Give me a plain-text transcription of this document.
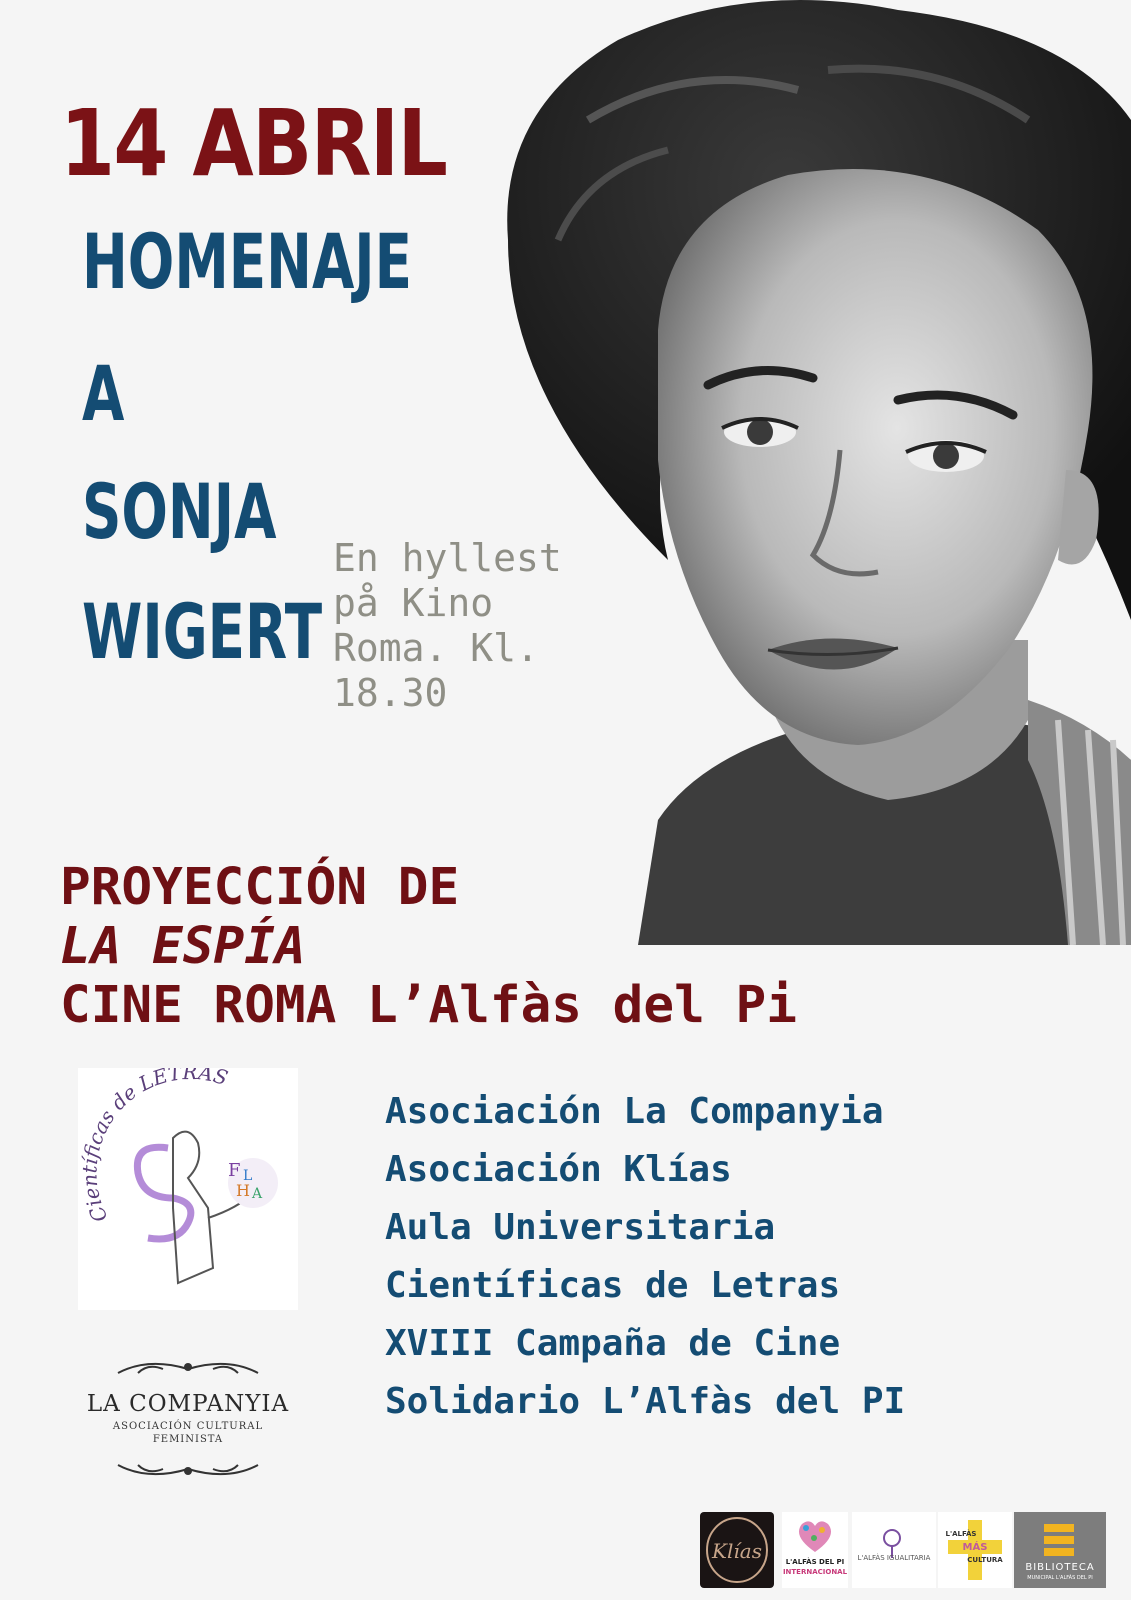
14 ABRIL
HOMENAJE
A
SONJA
WIGERT
En hyllest
på Kino
Roma. Kl.
18.30
PROYECCIÓN DE
LA ESPÍA
CINE ROMA L’Alfàs del Pi
Científicas de LETRAS
F L
H A
LA COMPANYIA
ASOCIACIÓN CULTURAL
FEMINISTA
Asociación La Companyia
Asociación Klías
Aula Universitaria
Científicas de Letras
XVIII Campaña de Cine
Solidario L’Alfàs del PI
Klías	L'ALFÀS DEL PI
INTERNACIONAL
L'ALFÀS IGUALITARIA
L'ALFÀS
MÁS
CULTURA
BIBLIOTECA
MUNICIPAL L'ALFÀS DEL PI
